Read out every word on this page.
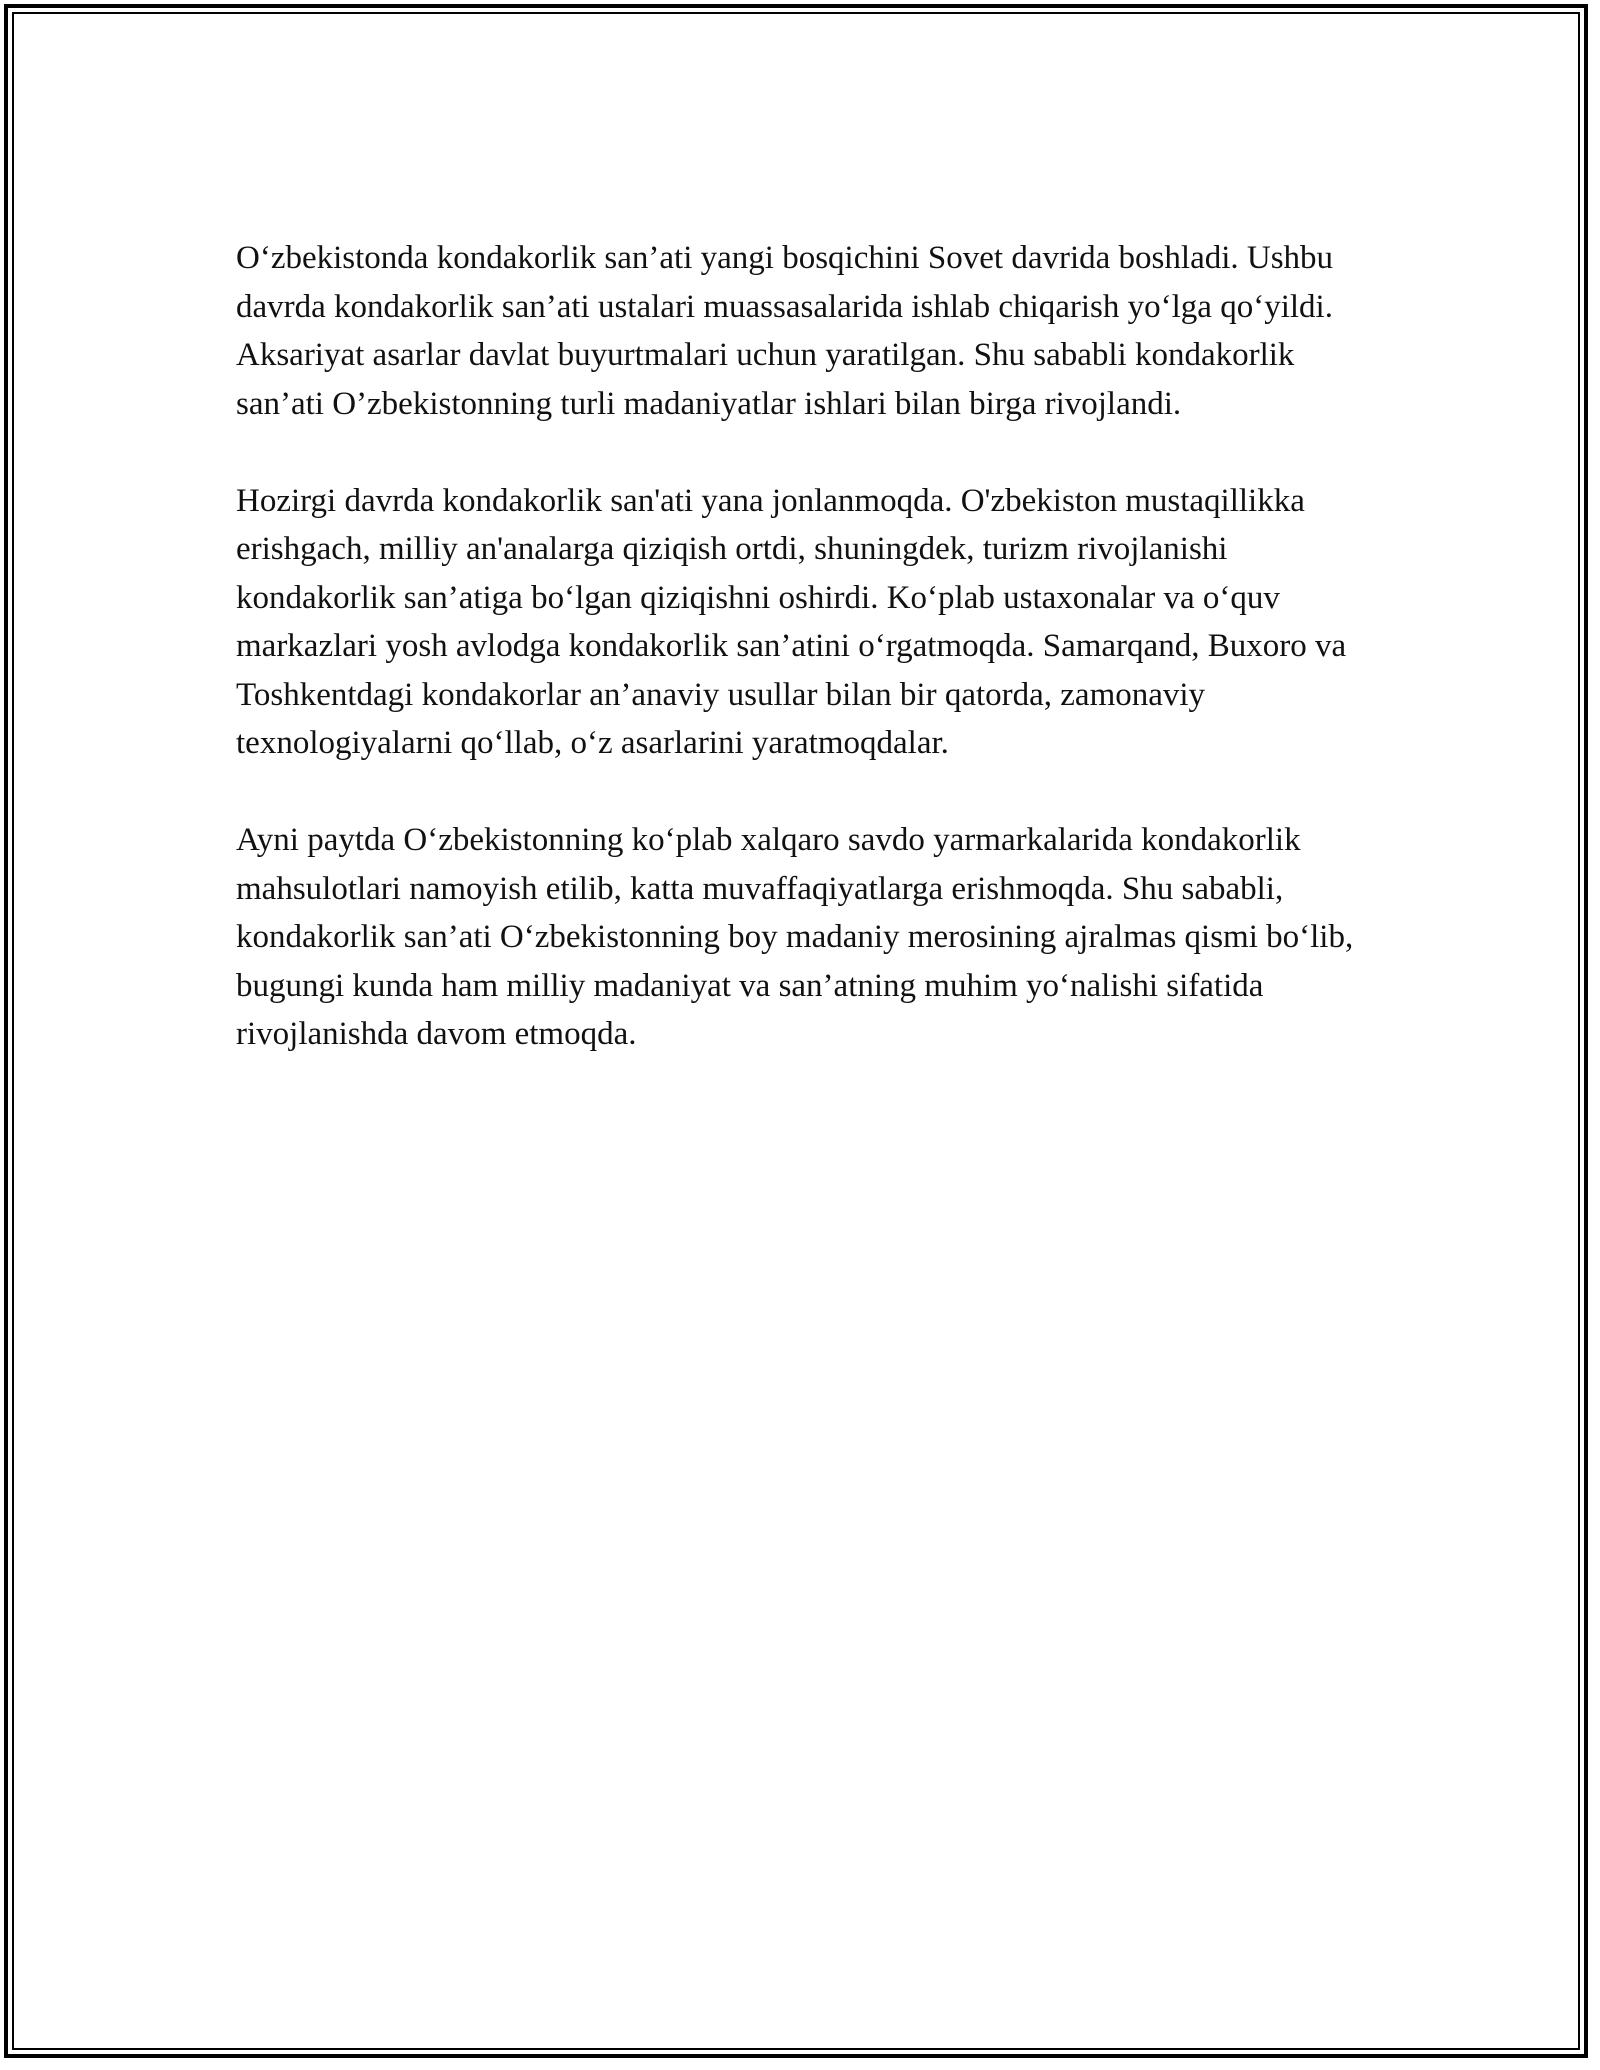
O‘zbekistonda kondakorlik san’ati yangi bosqichini Sovet davrida boshladi. Ushbu davrda kondakorlik san’ati ustalari muassasalarida ishlab chiqarish yo‘lga qo‘yildi. Aksariyat asarlar davlat buyurtmalari uchun yaratilgan. Shu sababli kondakorlik san’ati O’zbekistonning turli madaniyatlar ishlari bilan birga rivojlandi.

Hozirgi davrda kondakorlik san'ati yana jonlanmoqda. O'zbekiston mustaqillikka erishgach, milliy an'analarga qiziqish ortdi, shuningdek, turizm rivojlanishi kondakorlik san’atiga bo‘lgan qiziqishni oshirdi. Ko‘plab ustaxonalar va o‘quv markazlari yosh avlodga kondakorlik san’atini o‘rgatmoqda. Samarqand, Buxoro va Toshkentdagi kondakorlar an’anaviy usullar bilan bir qatorda, zamonaviy texnologiyalarni qo‘llab, o‘z asarlarini yaratmoqdalar.

Ayni paytda O‘zbekistonning ko‘plab xalqaro savdo yarmarkalarida kondakorlik mahsulotlari namoyish etilib, katta muvaffaqiyatlarga erishmoqda. Shu sababli, kondakorlik san’ati O‘zbekistonning boy madaniy merosining ajralmas qismi bo‘lib, bugungi kunda ham milliy madaniyat va san’atning muhim yo‘nalishi sifatida rivojlanishda davom etmoqda.
